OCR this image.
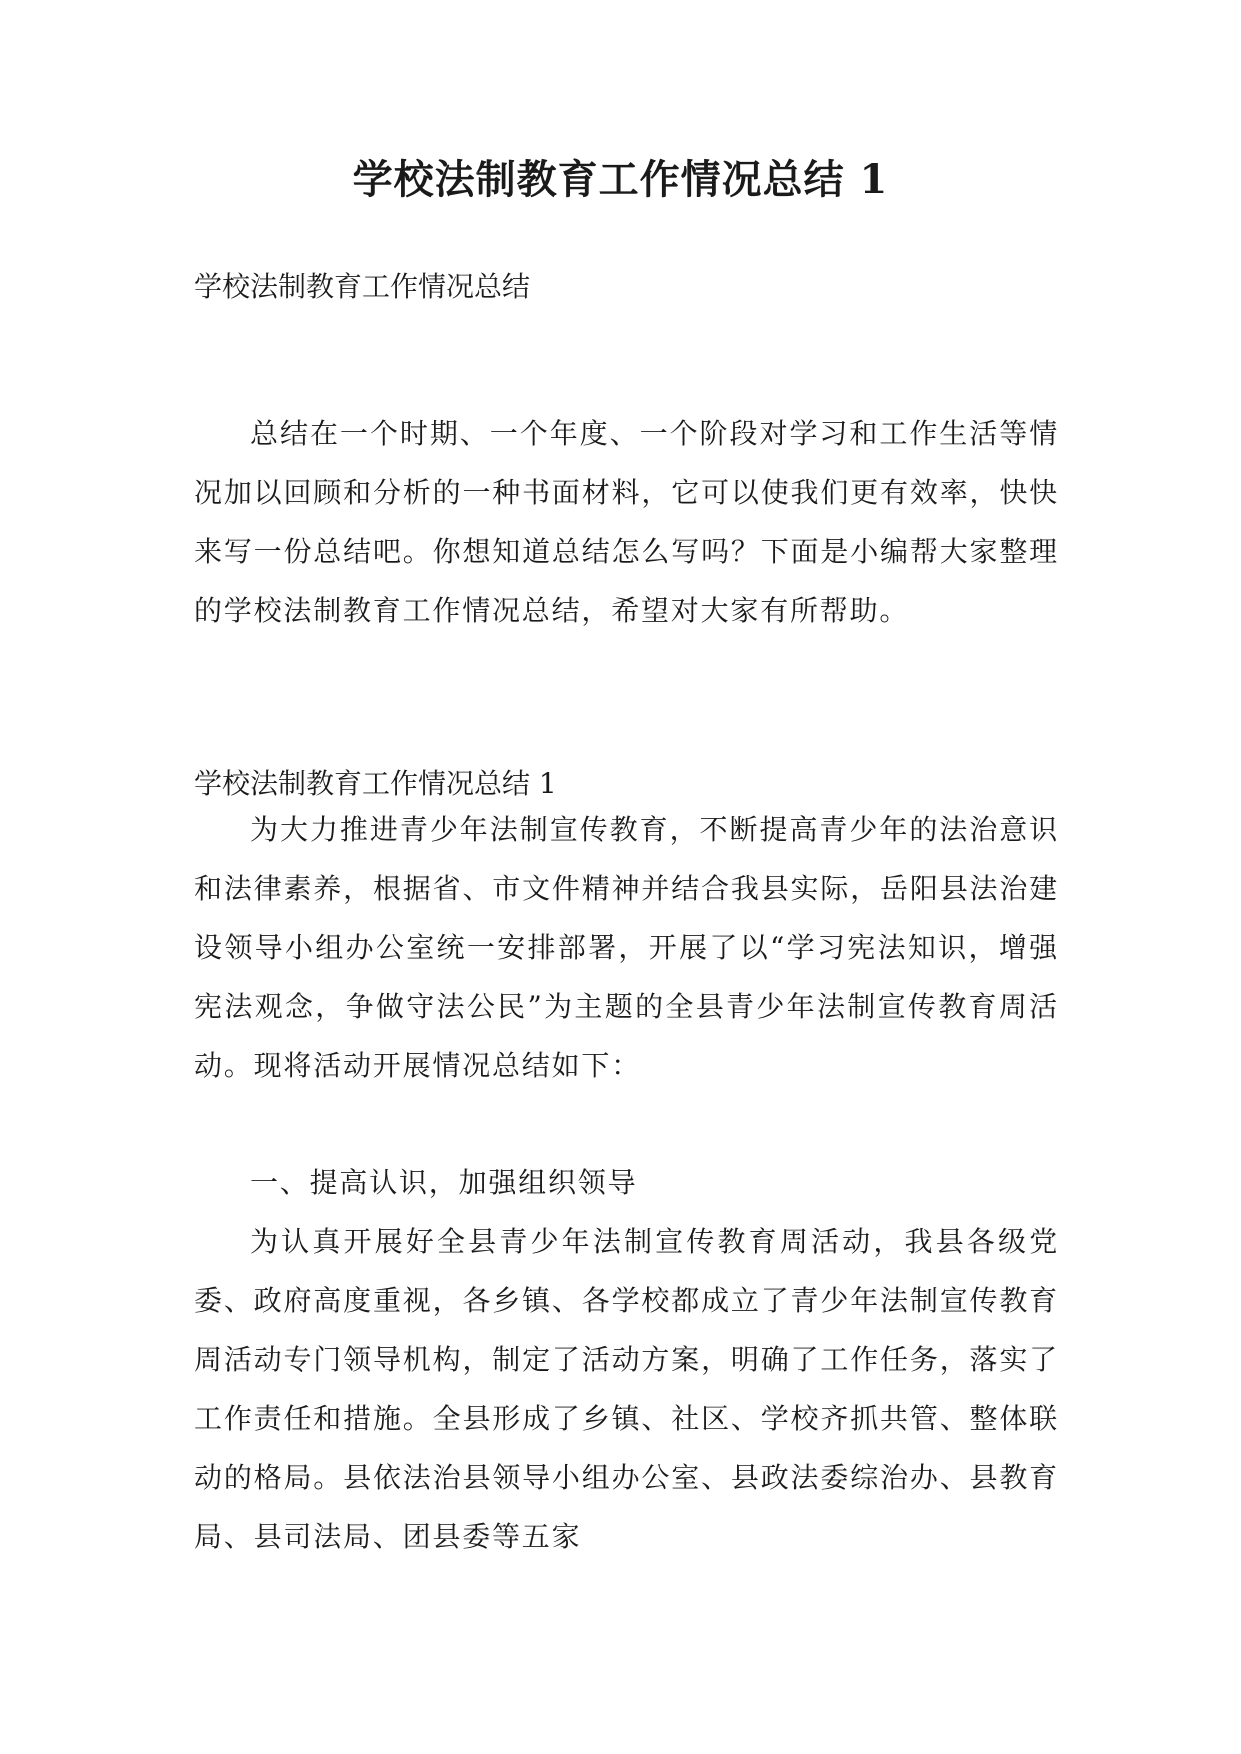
学校法制教育工作情况总结 1

学校法制教育工作情况总结

总结在一个时期、一个年度、一个阶段对学习和工作生活等情况加以回顾和分析的一种书面材料，它可以使我们更有效率，快快来写一份总结吧。你想知道总结怎么写吗？下面是小编帮大家整理的学校法制教育工作情况总结，希望对大家有所帮助。

学校法制教育工作情况总结 1

为大力推进青少年法制宣传教育，不断提高青少年的法治意识和法律素养，根据省、市文件精神并结合我县实际，岳阳县法治建设领导小组办公室统一安排部署，开展了以“学习宪法知识，增强宪法观念，争做守法公民”为主题的全县青少年法制宣传教育周活动。现将活动开展情况总结如下：

一、提高认识，加强组织领导

为认真开展好全县青少年法制宣传教育周活动，我县各级党委、政府高度重视，各乡镇、各学校都成立了青少年法制宣传教育周活动专门领导机构，制定了活动方案，明确了工作任务，落实了工作责任和措施。全县形成了乡镇、社区、学校齐抓共管、整体联动的格局。县依法治县领导小组办公室、县政法委综治办、县教育局、县司法局、团县委等五家
